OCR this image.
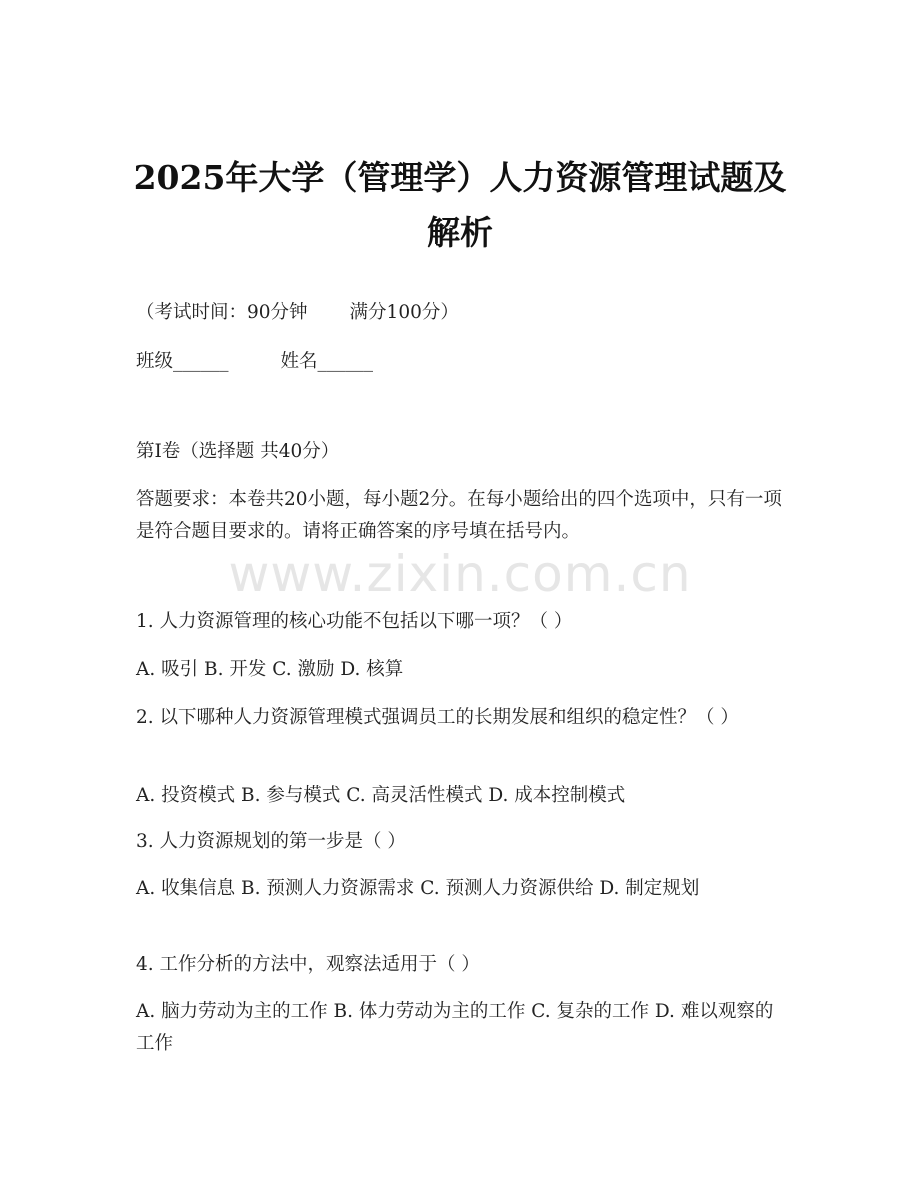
www.zixin.com.cn
2025年大学（管理学）人力资源管理试题及
解析
（考试时间：90分钟 满分100分）
班级______	姓名______
第I卷（选择题 共40分）
答题要求：本卷共20小题，每小题2分。在每小题给出的四个选项中，只有一项是符合题目要求的。请将正确答案的序号填在括号内。
1. 人力资源管理的核心功能不包括以下哪一项？（ ）
A. 吸引 B. 开发 C. 激励 D. 核算
2. 以下哪种人力资源管理模式强调员工的长期发展和组织的稳定性？（ ）
A. 投资模式 B. 参与模式 C. 高灵活性模式 D. 成本控制模式
3. 人力资源规划的第一步是（ ）
A. 收集信息 B. 预测人力资源需求 C. 预测人力资源供给 D. 制定规划
4. 工作分析的方法中，观察法适用于（ ）
A. 脑力劳动为主的工作 B. 体力劳动为主的工作 C. 复杂的工作 D. 难以观察的工作
